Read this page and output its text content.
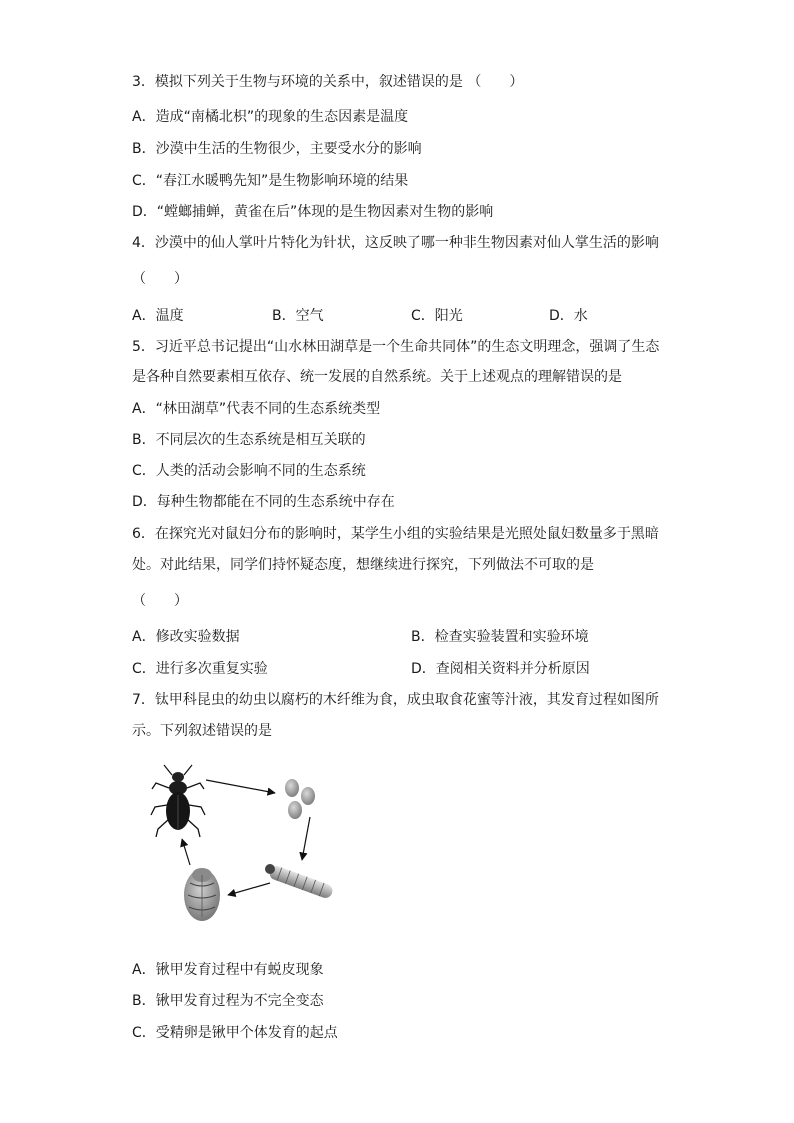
3．模拟下列关于生物与环境的关系中，叙述错误的是 （　　）
A．造成“南橘北枳”的现象的生态因素是温度
B．沙漠中生活的生物很少，主要受水分的影响
C．“春江水暖鸭先知”是生物影响环境的结果
D．“螳螂捕蝉，黄雀在后”体现的是生物因素对生物的影响
4．沙漠中的仙人掌叶片特化为针状，这反映了哪一种非生物因素对仙人掌生活的影响
（　　）
A．温度	B．空气	C．阳光	D．水
5．习近平总书记提出“山水林田湖草是一个生命共同体”的生态文明理念，强调了生态
是各种自然要素相互依存、统一发展的自然系统。关于上述观点的理解错误的是
A．“林田湖草”代表不同的生态系统类型
B．不同层次的生态系统是相互关联的
C．人类的活动会影响不同的生态系统
D．每种生物都能在不同的生态系统中存在
6．在探究光对鼠妇分布的影响时，某学生小组的实验结果是光照处鼠妇数量多于黑暗
处。对此结果，同学们持怀疑态度，想继续进行探究，下列做法不可取的是
（　　）
A．修改实验数据	B．检查实验装置和实验环境
C．进行多次重复实验	D．查阅相关资料并分析原因
7．钛甲科昆虫的幼虫以腐朽的木纤维为食，成虫取食花蜜等汁液，其发育过程如图所
示。下列叙述错误的是
A．锹甲发育过程中有蜕皮现象
B．锹甲发育过程为不完全变态
C．受精卵是锹甲个体发育的起点
